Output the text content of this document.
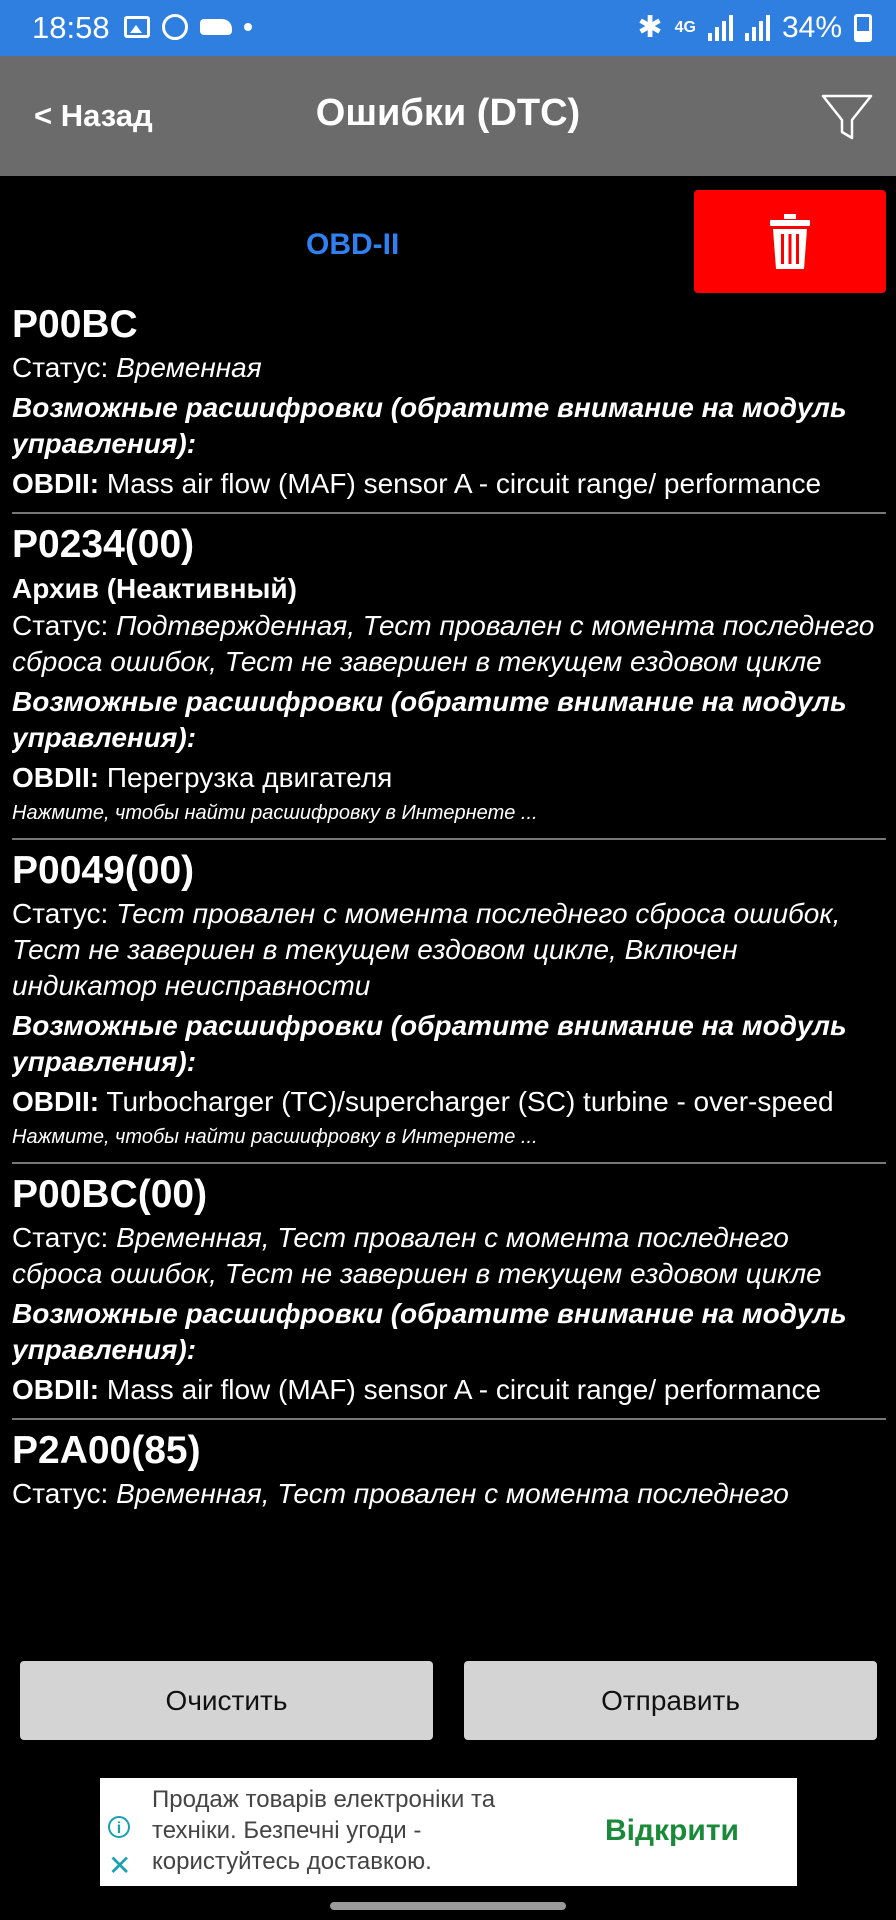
18:58	✱ 4G	34%
< Назад	Ошибки (DTC)
OBD-II
P00BC
Статус: Временная
Возможные расшифровки (обратите внимание на модуль управления):
OBDII: Mass air flow (MAF) sensor A - circuit range/ performance
P0234(00)
Архив (Неактивный)
Статус: Подтвержденная, Тест провален с момента последнего сброса ошибок, Тест не завершен в текущем ездовом цикле
Возможные расшифровки (обратите внимание на модуль управления):
OBDII: Перегрузка двигателя
Нажмите, чтобы найти расшифровку в Интернете ...
P0049(00)
Статус: Тест провален с момента последнего сброса ошибок, Тест не завершен в текущем ездовом цикле, Включен индикатор неисправности
Возможные расшифровки (обратите внимание на модуль управления):
OBDII: Turbocharger (TC)/supercharger (SC) turbine - over-speed
Нажмите, чтобы найти расшифровку в Интернете ...
P00BC(00)
Статус: Временная, Тест провален с момента последнего сброса ошибок, Тест не завершен в текущем ездовом цикле
Возможные расшифровки (обратите внимание на модуль управления):
OBDII: Mass air flow (MAF) sensor A - circuit range/ performance
P2A00(85)
Статус: Временная, Тест провален с момента последнего
Очистить	Отправить
i
✕
Продаж товарів електроніки та техніки. Безпечні угоди - користуйтесь доставкою.
Відкрити
